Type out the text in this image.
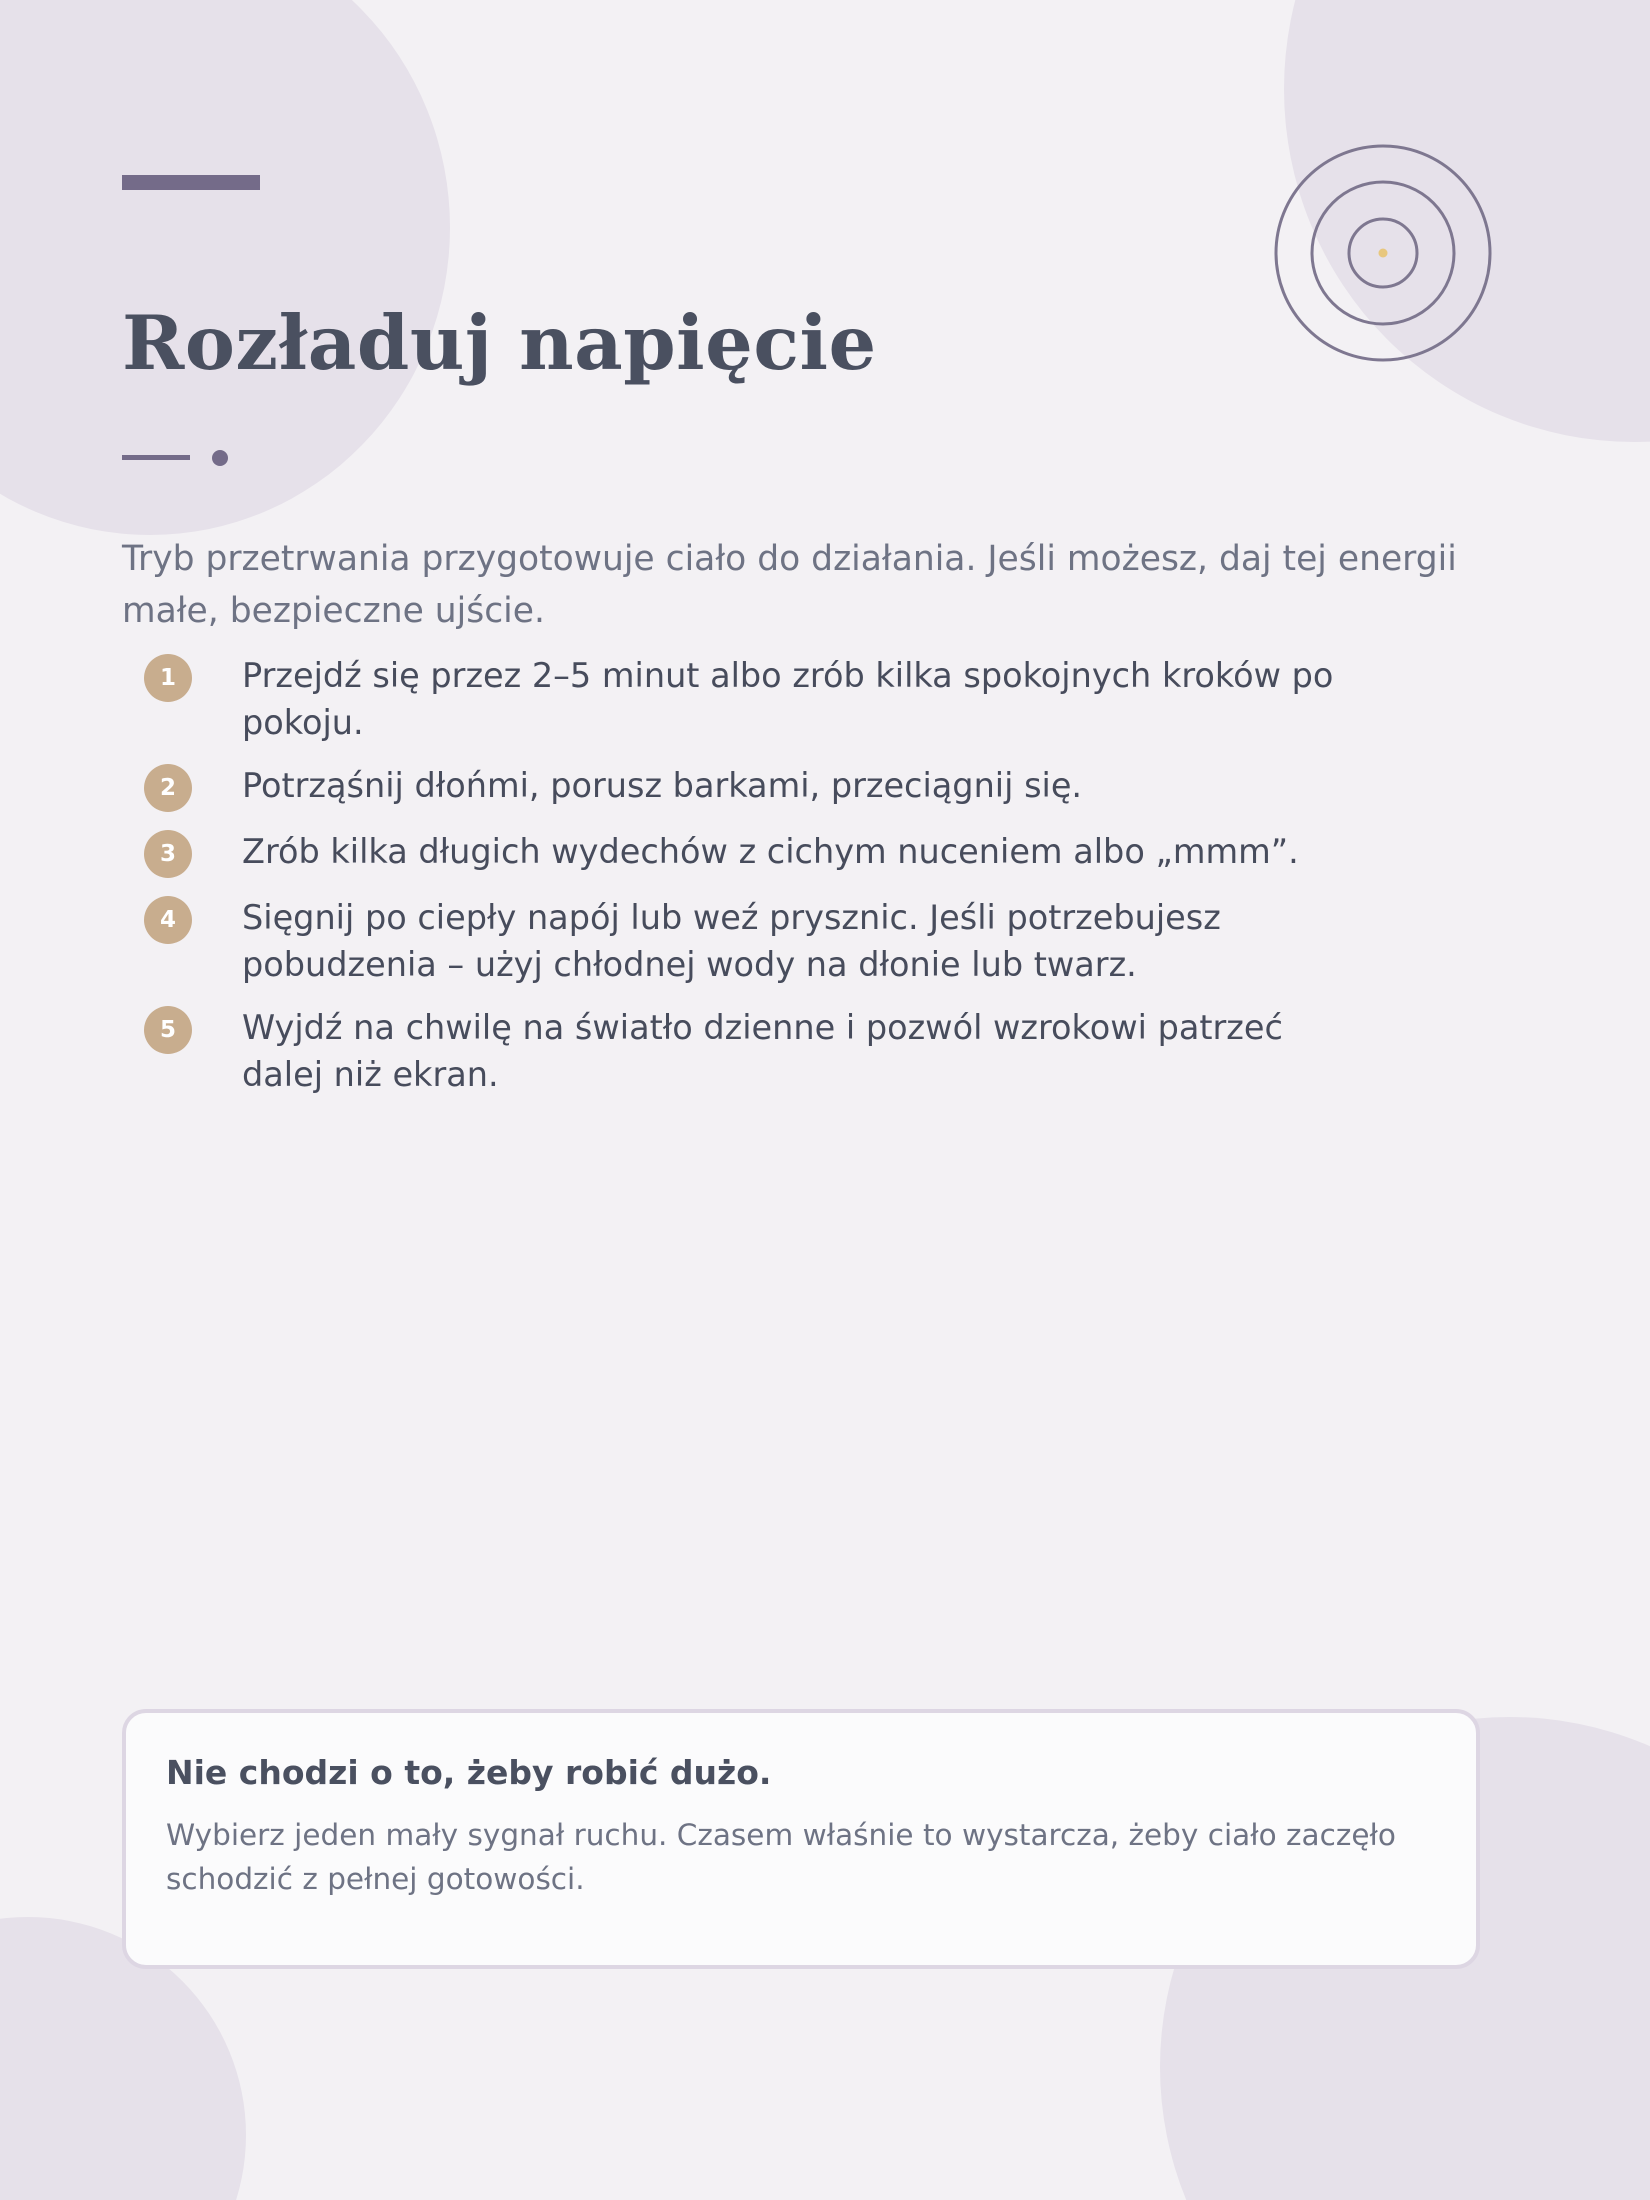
Rozładuj napięcie

Tryb przetrwania przygotowuje ciało do działania. Jeśli możesz, daj tej energii małe, bezpieczne ujście.

1	Przejdź się przez 2–5 minut albo zrób kilka spokojnych kroków po pokoju.
2	Potrząśnij dłońmi, porusz barkami, przeciągnij się.
3	Zrób kilka długich wydechów z cichym nuceniem albo „mmm”.
4	Sięgnij po ciepły napój lub weź prysznic. Jeśli potrzebujesz pobudzenia – użyj chłodnej wody na dłonie lub twarz.
5	Wyjdź na chwilę na światło dzienne i pozwól wzrokowi patrzeć dalej niż ekran.

Nie chodzi o to, żeby robić dużo.

Wybierz jeden mały sygnał ruchu. Czasem właśnie to wystarcza, żeby ciało zaczęło schodzić z pełnej gotowości.
